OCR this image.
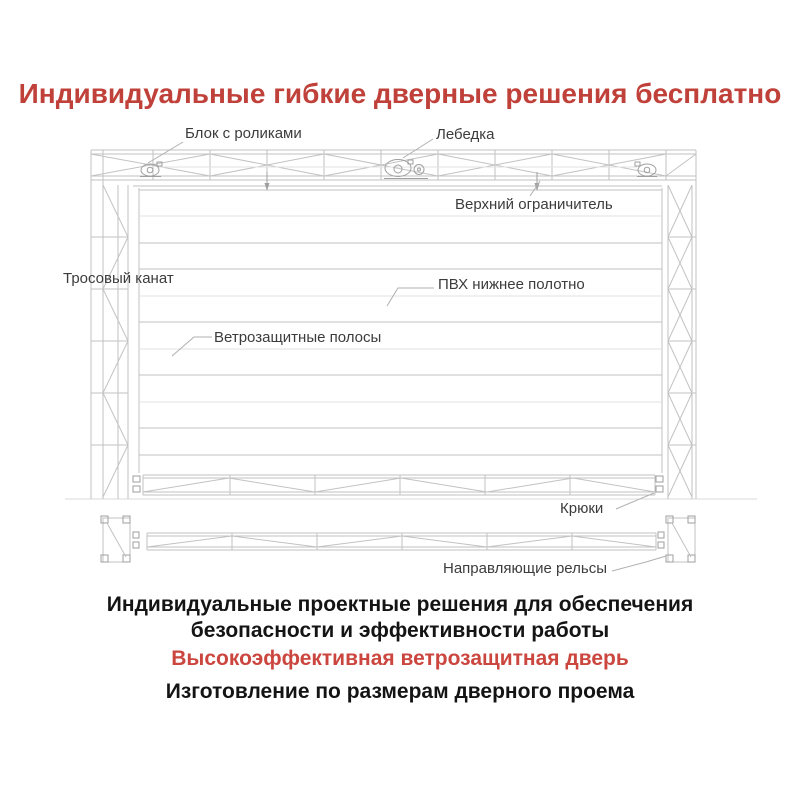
Индивидуальные гибкие дверные решения бесплатно
Блок с роликами	Лебедка
Верхний ограничитель
Тросовый канат	ПВХ нижнее полотно
Ветрозащитные полосы
Крюки
Направляющие рельсы
Индивидуальные проектные решения для обеспечения
безопасности и эффективности работы
Высокоэффективная ветрозащитная дверь
Изготовление по размерам дверного проема
